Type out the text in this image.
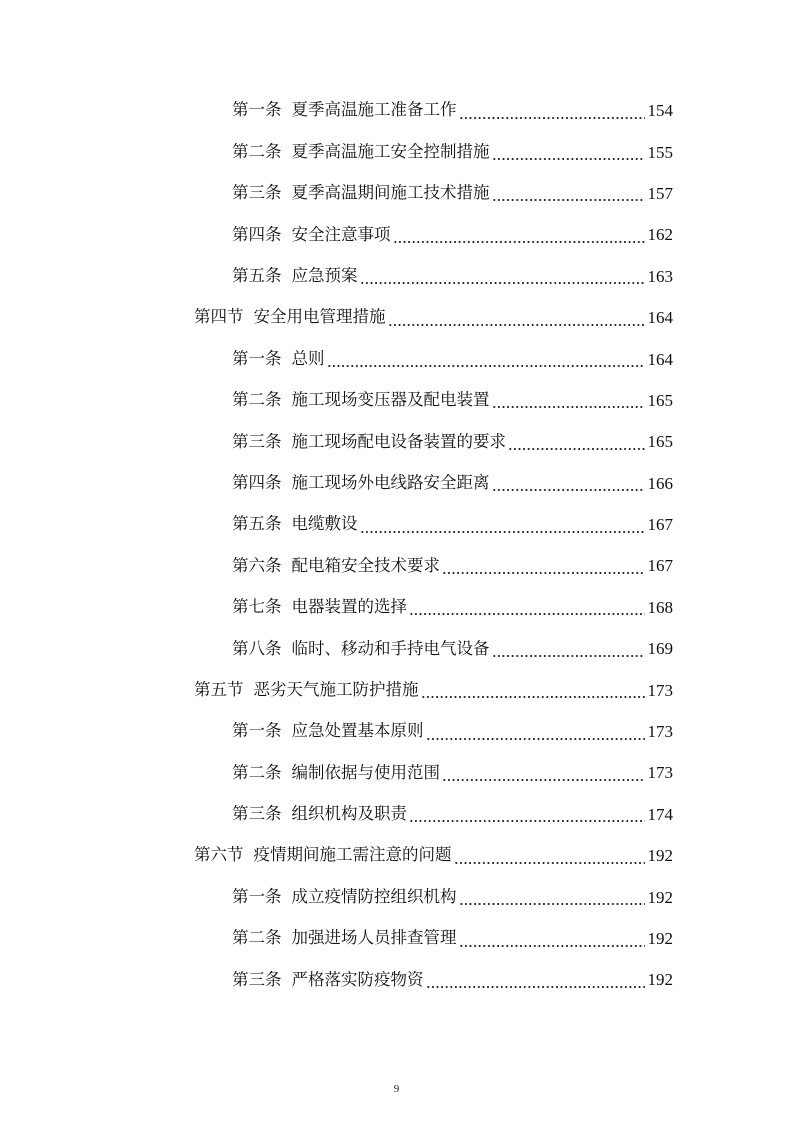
第一条 夏季高温施工准备工作	154
第二条 夏季高温施工安全控制措施	155
第三条 夏季高温期间施工技术措施	157
第四条 安全注意事项	162
第五条 应急预案	163
第四节 安全用电管理措施	164
第一条 总则	164
第二条 施工现场变压器及配电装置	165
第三条 施工现场配电设备装置的要求	165
第四条 施工现场外电线路安全距离	166
第五条 电缆敷设	167
第六条 配电箱安全技术要求	167
第七条 电器装置的选择	168
第八条 临时、移动和手持电气设备	169
第五节 恶劣天气施工防护措施	173
第一条 应急处置基本原则	173
第二条 编制依据与使用范围	173
第三条 组织机构及职责	174
第六节 疫情期间施工需注意的问题	192
第一条 成立疫情防控组织机构	192
第二条 加强进场人员排查管理	192
第三条 严格落实防疫物资	192
9
